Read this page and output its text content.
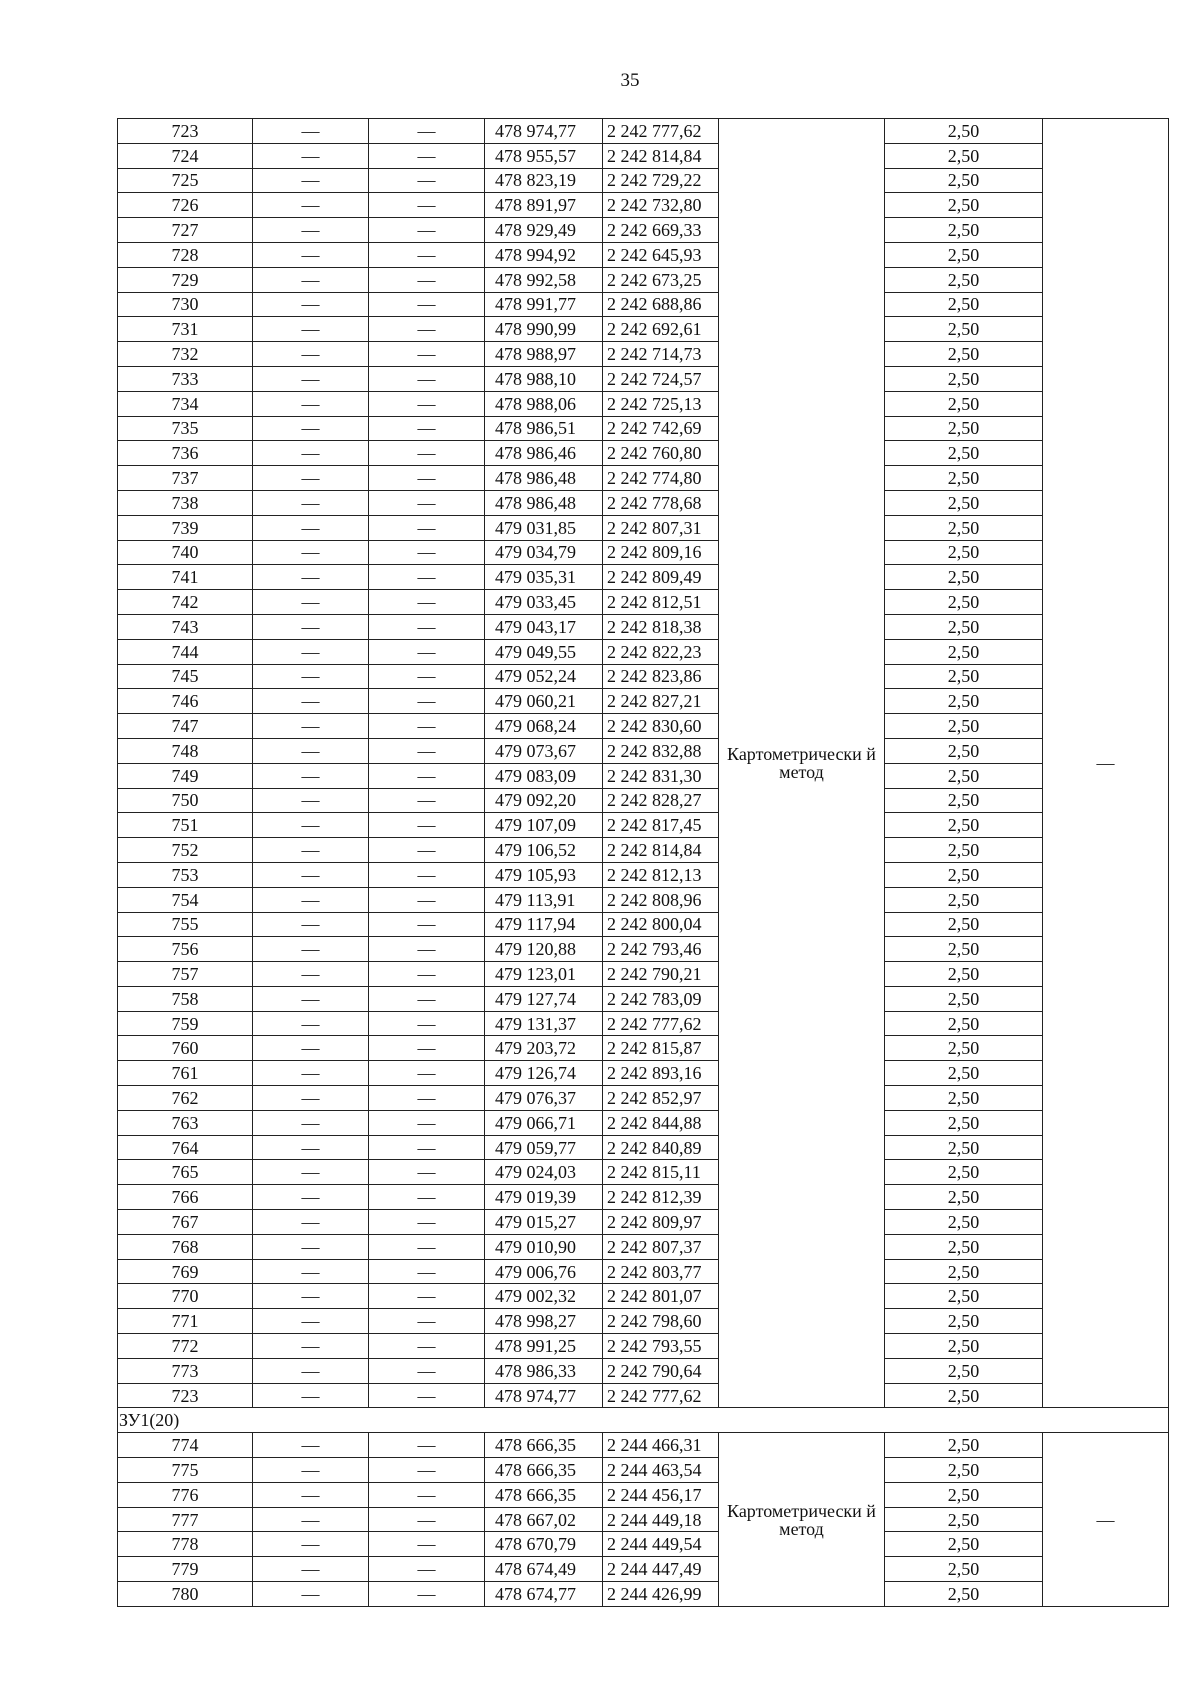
35
723	—	—	478 974,77	2 242 777,62	Картометрически й метод	2,50	—
724	—	—	478 955,57	2 242 814,84		2,50	
725	—	—	478 823,19	2 242 729,22		2,50	
726	—	—	478 891,97	2 242 732,80		2,50	
727	—	—	478 929,49	2 242 669,33		2,50	
728	—	—	478 994,92	2 242 645,93		2,50	
729	—	—	478 992,58	2 242 673,25		2,50	
730	—	—	478 991,77	2 242 688,86		2,50	
731	—	—	478 990,99	2 242 692,61		2,50	
732	—	—	478 988,97	2 242 714,73		2,50	
733	—	—	478 988,10	2 242 724,57		2,50	
734	—	—	478 988,06	2 242 725,13		2,50	
735	—	—	478 986,51	2 242 742,69		2,50	
736	—	—	478 986,46	2 242 760,80		2,50	
737	—	—	478 986,48	2 242 774,80		2,50	
738	—	—	478 986,48	2 242 778,68		2,50	
739	—	—	479 031,85	2 242 807,31		2,50	
740	—	—	479 034,79	2 242 809,16		2,50	
741	—	—	479 035,31	2 242 809,49		2,50	
742	—	—	479 033,45	2 242 812,51		2,50	
743	—	—	479 043,17	2 242 818,38		2,50	
744	—	—	479 049,55	2 242 822,23		2,50	
745	—	—	479 052,24	2 242 823,86		2,50	
746	—	—	479 060,21	2 242 827,21		2,50	
747	—	—	479 068,24	2 242 830,60		2,50	
748	—	—	479 073,67	2 242 832,88		2,50	
749	—	—	479 083,09	2 242 831,30		2,50	
750	—	—	479 092,20	2 242 828,27		2,50	
751	—	—	479 107,09	2 242 817,45		2,50	
752	—	—	479 106,52	2 242 814,84		2,50	
753	—	—	479 105,93	2 242 812,13		2,50	
754	—	—	479 113,91	2 242 808,96		2,50	
755	—	—	479 117,94	2 242 800,04		2,50	
756	—	—	479 120,88	2 242 793,46		2,50	
757	—	—	479 123,01	2 242 790,21		2,50	
758	—	—	479 127,74	2 242 783,09		2,50	
759	—	—	479 131,37	2 242 777,62		2,50	
760	—	—	479 203,72	2 242 815,87		2,50	
761	—	—	479 126,74	2 242 893,16		2,50	
762	—	—	479 076,37	2 242 852,97		2,50	
763	—	—	479 066,71	2 242 844,88		2,50	
764	—	—	479 059,77	2 242 840,89		2,50	
765	—	—	479 024,03	2 242 815,11		2,50	
766	—	—	479 019,39	2 242 812,39		2,50	
767	—	—	479 015,27	2 242 809,97		2,50	
768	—	—	479 010,90	2 242 807,37		2,50	
769	—	—	479 006,76	2 242 803,77		2,50	
770	—	—	479 002,32	2 242 801,07		2,50	
771	—	—	478 998,27	2 242 798,60		2,50	
772	—	—	478 991,25	2 242 793,55		2,50	
773	—	—	478 986,33	2 242 790,64		2,50	
723	—	—	478 974,77	2 242 777,62		2,50	
ЗУ1(20)							
774	—	—	478 666,35	2 244 466,31	Картометрически й метод	2,50	—
775	—	—	478 666,35	2 244 463,54		2,50	
776	—	—	478 666,35	2 244 456,17		2,50	
777	—	—	478 667,02	2 244 449,18		2,50	
778	—	—	478 670,79	2 244 449,54		2,50	
779	—	—	478 674,49	2 244 447,49		2,50	
780	—	—	478 674,77	2 244 426,99		2,50	
